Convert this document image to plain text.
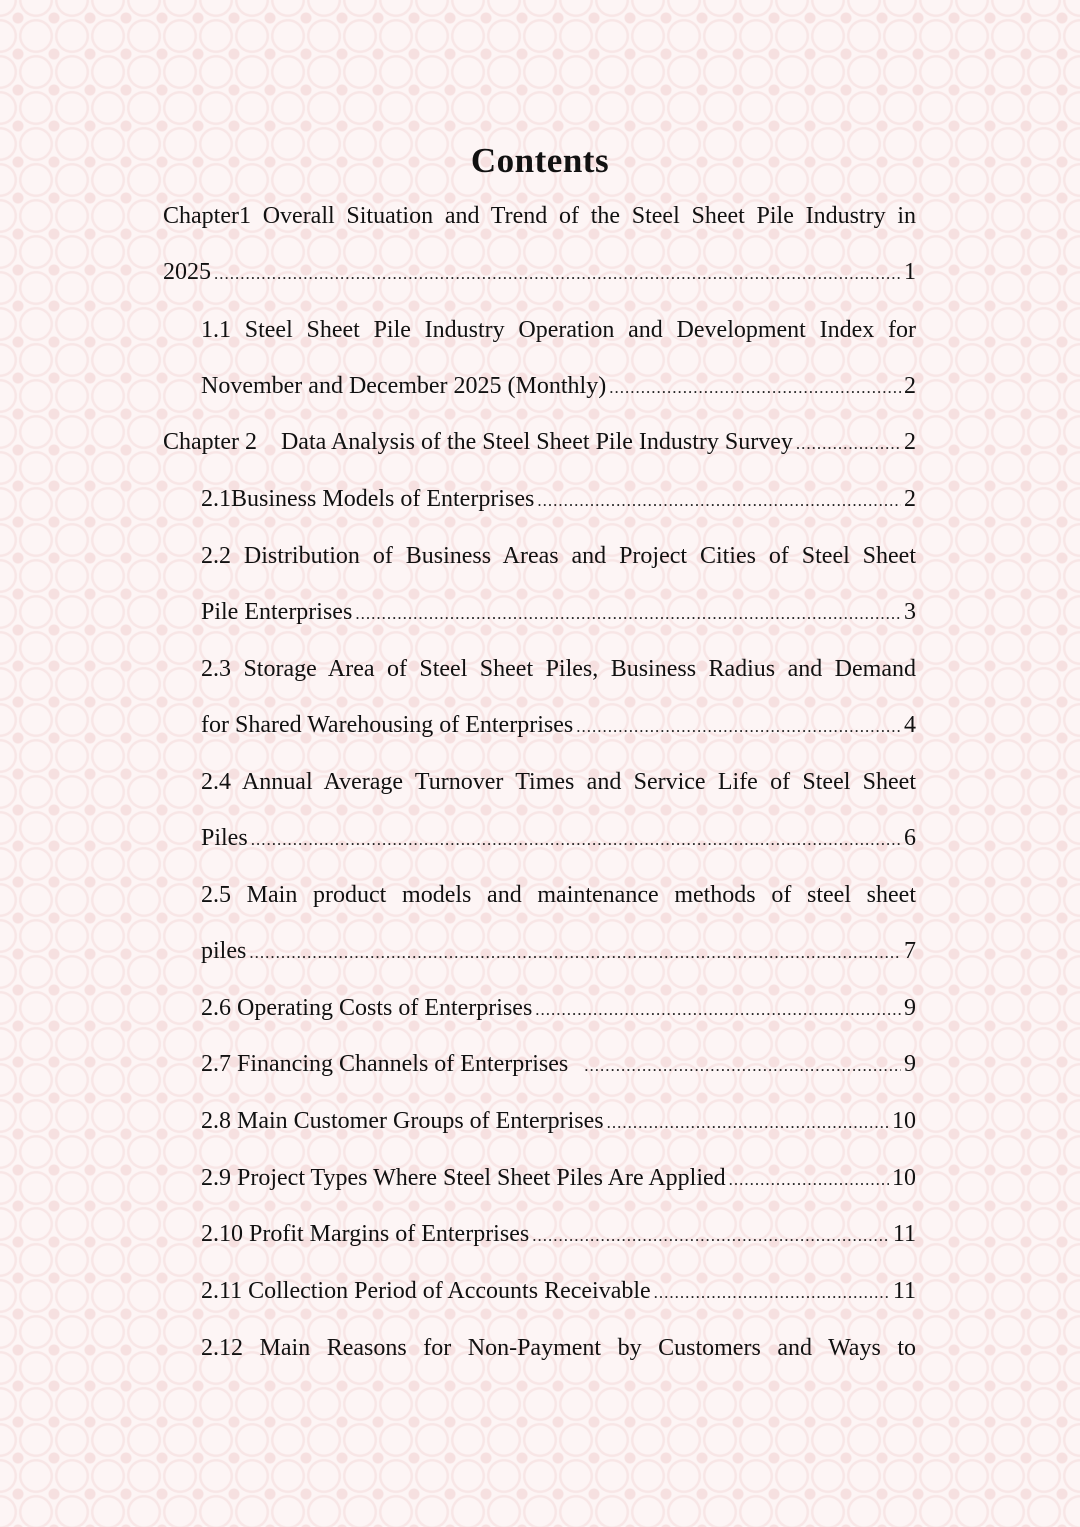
Contents
Chapter1 Overall Situation and Trend of the Steel Sheet Pile Industry in
2025 .....	1
1.1 Steel Sheet Pile Industry Operation and Development Index for
November and December 2025 (Monthly) .....	2
Chapter 2    Data Analysis of the Steel Sheet Pile Industry Survey .....	2
2.1Business Models of Enterprises .....	2
2.2 Distribution of Business Areas and Project Cities of Steel Sheet
Pile Enterprises .....	3
2.3 Storage Area of Steel Sheet Piles, Business Radius and Demand
for Shared Warehousing of Enterprises .....	4
2.4 Annual Average Turnover Times and Service Life of Steel Sheet
Piles .....	6
2.5 Main product models and maintenance methods of steel sheet
piles .....	7
2.6 Operating Costs of Enterprises .....	9
2.7 Financing Channels of Enterprises .....	9
2.8 Main Customer Groups of Enterprises .....	10
2.9 Project Types Where Steel Sheet Piles Are Applied .....	10
2.10 Profit Margins of Enterprises .....	11
2.11 Collection Period of Accounts Receivable .....	11
2.12 Main Reasons for Non-Payment by Customers and Ways to
